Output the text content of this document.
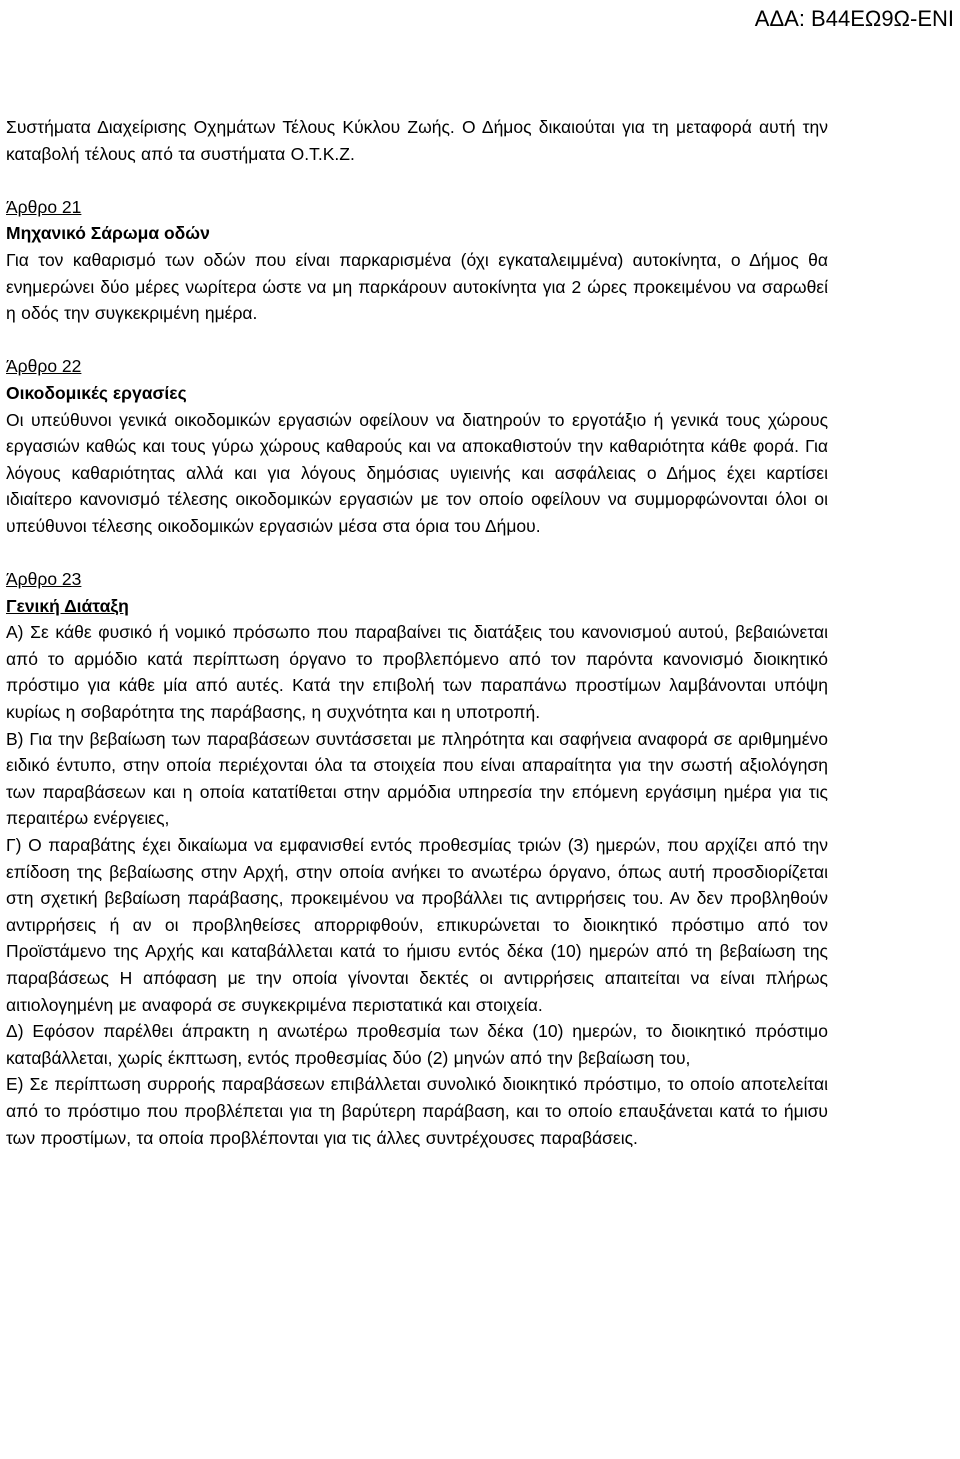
ΑΔΑ: Β44ΕΩ9Ω-ΕΝΙ

Συστήματα Διαχείρισης Οχημάτων Τέλους Κύκλου Ζωής. Ο Δήμος δικαιούται για τη μεταφορά αυτή την καταβολή τέλους από τα συστήματα Ο.Τ.Κ.Ζ.

Άρθρο 21

Μηχανικό Σάρωμα οδών

Για τον καθαρισμό των οδών που είναι παρκαρισμένα (όχι εγκαταλειμμένα) αυτοκίνητα, ο Δήμος θα ενημερώνει δύο μέρες νωρίτερα ώστε να μη παρκάρουν αυτοκίνητα για 2 ώρες προκειμένου να σαρωθεί η οδός την συγκεκριμένη ημέρα.

Άρθρο 22

Οικοδομικές εργασίες

Οι υπεύθυνοι γενικά οικοδομικών εργασιών οφείλουν να διατηρούν το εργοτάξιο ή γενικά τους χώρους εργασιών καθώς και τους γύρω χώρους καθαρούς και να αποκαθιστούν την καθαριότητα κάθε φορά. Για λόγους καθαριότητας αλλά και για λόγους δημόσιας υγιεινής και ασφάλειας ο Δήμος έχει καρτίσει ιδιαίτερο κανονισμό τέλεσης οικοδομικών εργασιών με τον οποίο οφείλουν να συμμορφώνονται όλοι οι υπεύθυνοι τέλεσης οικοδομικών εργασιών μέσα στα όρια του Δήμου.

Άρθρο 23

Γενική Διάταξη

Α) Σε κάθε φυσικό ή νομικό πρόσωπο που παραβαίνει τις διατάξεις του κανονισμού αυτού, βεβαιώνεται από το αρμόδιο κατά περίπτωση όργανο το προβλεπόμενο από τον παρόντα κανονισμό διοικητικό πρόστιμο για κάθε μία από αυτές. Κατά την επιβολή των παραπάνω προστίμων λαμβάνονται υπόψη κυρίως η σοβαρότητα της παράβασης, η συχνότητα και η υποτροπή.

Β) Για την βεβαίωση των παραβάσεων συντάσσεται με πληρότητα και σαφήνεια αναφορά σε αριθμημένο ειδικό έντυπο, στην οποία περιέχονται όλα τα στοιχεία που είναι απαραίτητα για την σωστή αξιολόγηση των παραβάσεων και η οποία κατατίθεται στην αρμόδια υπηρεσία την επόμενη εργάσιμη ημέρα για τις περαιτέρω ενέργειες,

Γ) Ο παραβάτης έχει δικαίωμα να εμφανισθεί εντός προθεσμίας τριών (3) ημερών, που αρχίζει από την επίδοση της βεβαίωσης στην Αρχή, στην οποία ανήκει το ανωτέρω όργανο, όπως αυτή προσδιορίζεται στη σχετική βεβαίωση παράβασης, προκειμένου να προβάλλει τις αντιρρήσεις του. Αν δεν προβληθούν αντιρρήσεις ή αν οι προβληθείσες απορριφθούν, επικυρώνεται το διοικητικό πρόστιμο από τον Προϊστάμενο της Αρχής και καταβάλλεται κατά το ήμισυ εντός δέκα (10) ημερών από τη βεβαίωση της παραβάσεως Η απόφαση με την οποία γίνονται δεκτές οι αντιρρήσεις απαιτείται να είναι πλήρως αιτιολογημένη με αναφορά σε συγκεκριμένα περιστατικά και στοιχεία.

Δ) Εφόσον παρέλθει άπρακτη η ανωτέρω προθεσμία των δέκα (10) ημερών, το διοικητικό πρόστιμο καταβάλλεται, χωρίς έκπτωση, εντός προθεσμίας δύο (2) μηνών από την βεβαίωση του,

Ε) Σε περίπτωση συρροής παραβάσεων επιβάλλεται συνολικό διοικητικό πρόστιμο, το οποίο αποτελείται από το πρόστιμο που προβλέπεται για τη βαρύτερη παράβαση, και το οποίο επαυξάνεται κατά το ήμισυ των προστίμων, τα οποία προβλέπονται για τις άλλες συντρέχουσες παραβάσεις.
